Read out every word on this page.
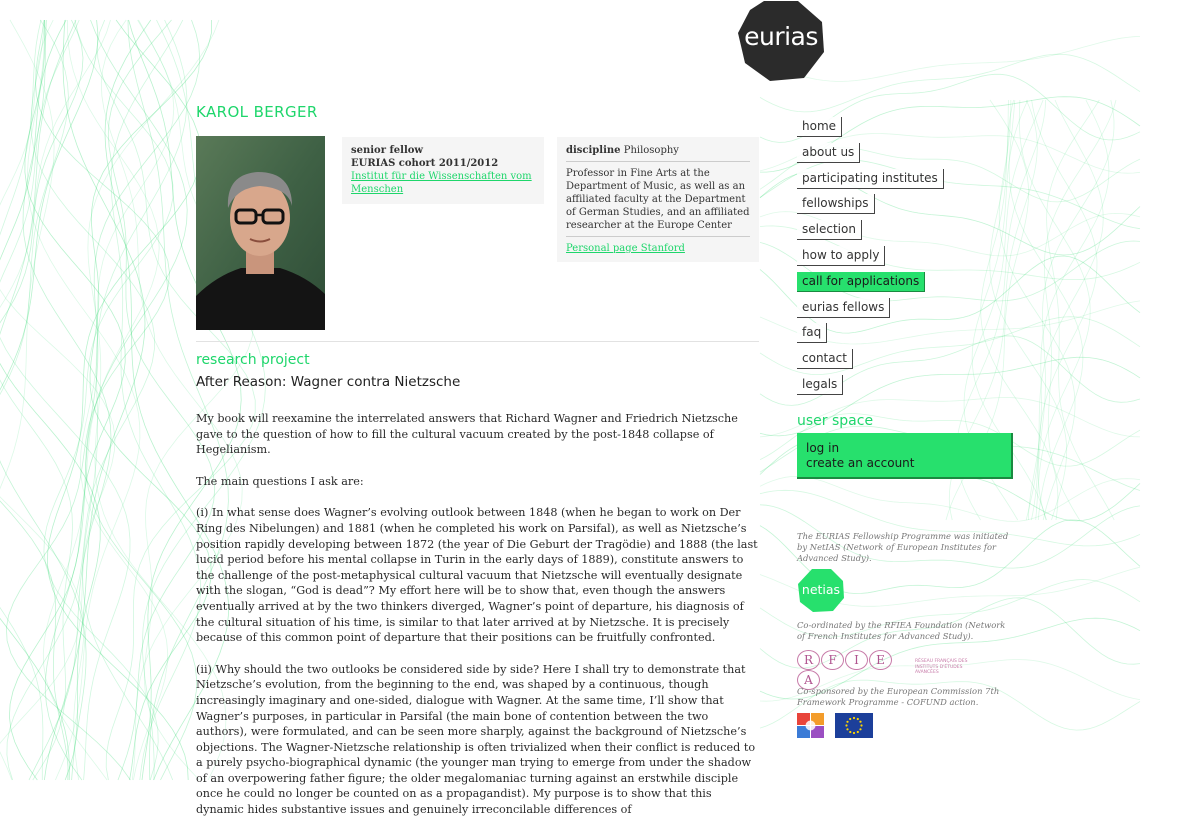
eurias
KAROL BERGER
senior fellow
EURIAS cohort 2011/2012
Institut für die Wissenschaften vom Menschen
discipline Philosophy
Professor in Fine Arts at the Department of Music, as well as an affiliated faculty at the Department of German Studies, and an affiliated researcher at the Europe Center
Personal page Stanford
research project
After Reason: Wagner contra Nietzsche

My book will reexamine the interrelated answers that Richard Wagner and Friedrich Nietzsche gave to the question of how to fill the cultural vacuum created by the post-1848 collapse of Hegelianism.

The main questions I ask are:

(i) In what sense does Wagner’s evolving outlook between 1848 (when he began to work on Der Ring des Nibelungen) and 1881 (when he completed his work on Parsifal), as well as Nietzsche’s position rapidly developing between 1872 (the year of Die Geburt der Tragödie) and 1888 (the last lucid period before his mental collapse in Turin in the early days of 1889), constitute answers to the challenge of the post-metaphysical cultural vacuum that Nietzsche will eventually designate with the slogan, “God is dead”? My effort here will be to show that, even though the answers eventually arrived at by the two thinkers diverged, Wagner’s point of departure, his diagnosis of the cultural situation of his time, is similar to that later arrived at by Nietzsche. It is precisely because of this common point of departure that their positions can be fruitfully confronted.

(ii) Why should the two outlooks be considered side by side? Here I shall try to demonstrate that Nietzsche’s evolution, from the beginning to the end, was shaped by a continuous, though increasingly imaginary and one-sided, dialogue with Wagner. At the same time, I’ll show that Wagner’s purposes, in particular in Parsifal (the main bone of contention between the two authors), were formulated, and can be seen more sharply, against the background of Nietzsche’s objections. The Wagner-Nietzsche relationship is often trivialized when their conflict is reduced to a purely psycho-biographical dynamic (the younger man trying to emerge from under the shadow of an overpowering father figure; the older megalomaniac turning against an erstwhile disciple once he could no longer be counted on as a propagandist). My purpose is to show that this dynamic hides substantive issues and genuinely irreconcilable differences of

home
about us
participating institutes
fellowships
selection
how to apply
call for applications
eurias fellows
faq
contact
legals
user space
log in
create an account
The EURIAS Fellowship Programme was initiated by NetIAS (Network of European Institutes for Advanced Study).
netias
Co-ordinated by the RFIEA Foundation (Network of French Institutes for Advanced Study).
R F I EA
RÉSEAU FRANÇAIS DES INSTITUTS D'ÉTUDES AVANCÉES
Co-sponsored by the European Commission 7th Framework Programme - COFUND action.
